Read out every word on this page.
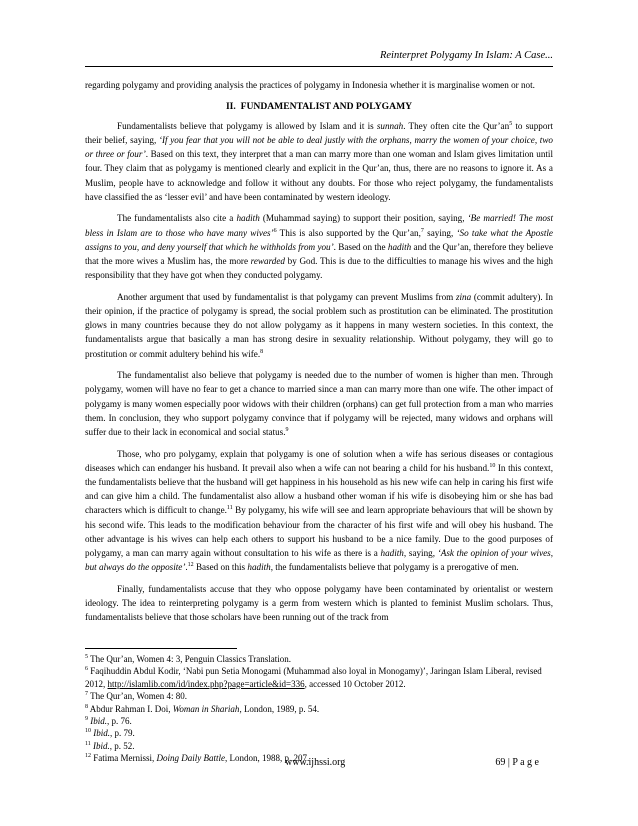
Reinterpret Polygamy In Islam: A Case...

regarding polygamy and providing analysis the practices of polygamy in Indonesia whether it is marginalise women or not.

II.  FUNDAMENTALIST AND POLYGAMY

Fundamentalists believe that polygamy is allowed by Islam and it is sunnah. They often cite the $Qur’an^5$ to support their belief, saying, ‘If you fear that you will not be able to deal justly with the orphans, marry the women of your choice, two or three or four’. Based on this text, they interpret that a man can marry more than one woman and Islam gives limitation until four. They claim that as polygamy is mentioned clearly and explicit in the Qur’an, thus, there are no reasons to ignore it. As a Muslim, people have to acknowledge and follow it without any doubts. For those who reject polygamy, the fundamentalists have classified the as ‘lesser evil’ and have been contaminated by western ideology.

The fundamentalists also cite a hadith (Muhammad saying) to support their position, saying, ‘Be married! The most bless in Islam are to those who have many wives’$^6$ This is also supported by the Qur’an,$^7$ saying, ‘So take what the Apostle assigns to you, and deny yourself that which he withholds from you’. Based on the hadith and the Qur’an, therefore they believe that the more wives a Muslim has, the more rewarded by God. This is due to the difficulties to manage his wives and the high responsibility that they have got when they conducted polygamy.

Another argument that used by fundamentalist is that polygamy can prevent Muslims from zina (commit adultery). In their opinion, if the practice of polygamy is spread, the social problem such as prostitution can be eliminated. The prostitution glows in many countries because they do not allow polygamy as it happens in many western societies. In this context, the fundamentalists argue that basically a man has strong desire in sexuality relationship. Without polygamy, they will go to prostitution or commit adultery behind his wife.$^8$

The fundamentalist also believe that polygamy is needed due to the number of women is higher than men. Through polygamy, women will have no fear to get a chance to married since a man can marry more than one wife. The other impact of polygamy is many women especially poor widows with their children (orphans) can get full protection from a man who marries them. In conclusion, they who support polygamy convince that if polygamy will be rejected, many widows and orphans will suffer due to their lack in economical and social status.$^9$

Those, who pro polygamy, explain that polygamy is one of solution when a wife has serious diseases or contagious diseases which can endanger his husband. It prevail also when a wife can not bearing a child for his husband.$^{10}$ In this context, the fundamentalists believe that the husband will get happiness in his household as his new wife can help in caring his first wife and can give him a child. The fundamentalist also allow a husband other woman if his wife is disobeying him or she has bad characters which is difficult to change.$^{11}$ By polygamy, his wife will see and learn appropriate behaviours that will be shown by his second wife. This leads to the modification behaviour from the character of his first wife and will obey his husband. The other advantage is his wives can help each others to support his husband to be a nice family. Due to the good purposes of polygamy, a man can marry again without consultation to his wife as there is a hadith, saying, ‘Ask the opinion of your wives, but always do the opposite’.$^{12}$ Based on this hadith, the fundamentalists believe that polygamy is a prerogative of men.

Finally, fundamentalists accuse that they who oppose polygamy have been contaminated by orientalist or western ideology. The idea to reinterpreting polygamy is a germ from western which is planted to feminist Muslim scholars. Thus, fundamentalists believe that those scholars have been running out of the track from

$^5$ The Qur’an, Women 4: 3, Penguin Classics Translation.
$^6$ Faqihuddin Abdul Kodir, ‘Nabi pun Setia Monogami (Muhammad also loyal in Monogamy)’, Jaringan Islam Liberal, revised 2012, http://islamlib.com/id/index.php?page=article&id=336, accessed 10 October 2012.
$^7$ The Qur’an, Women 4: 80.
$^8$ Abdur Rahman I. Doi, Woman in Shariah, London, 1989, p. 54.
$^9$ Ibid., p. 76.
$^{10}$ Ibid., p. 79.
$^{11}$ Ibid., p. 52.
$^{12}$ Fatima Mernissi, Doing Daily Battle, London, 1988, p. 207.
www.ijhssi.org	69 | P a g e
